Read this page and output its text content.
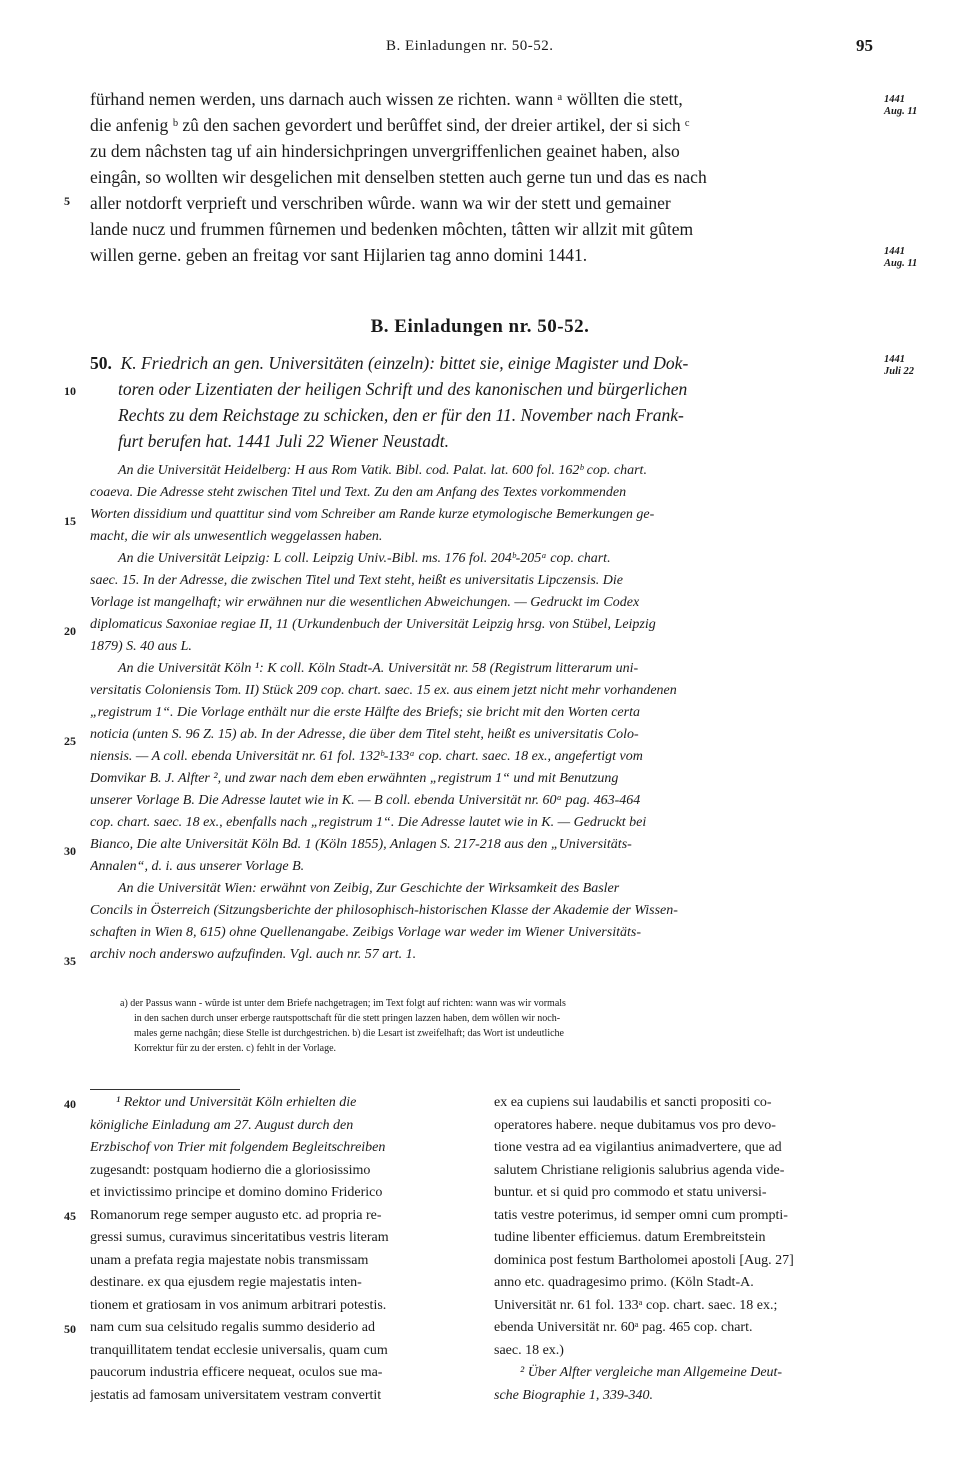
B. Einladungen nr. 50-52.	95
fürhand nemen werden, uns darnach auch wissen ze richten. wann ᵃ wöllten die stett,
die anfenig ᵇ zû den sachen gevordert und berûffet sind, der dreier artikel, der si sich ᶜ
zu dem nâchsten tag uf ain hindersichpringen unvergriffenlichen geainet haben, also
eingân, so wollten wir desgelichen mit denselben stetten auch gerne tun und das es nach
aller notdorft verprieft und verschriben wûrde. wann wa wir der stett und gemainer
lande nucz und frummen fûrnemen und bedenken môchten, tâtten wir allzit mit gûtem
willen gerne. geben an freitag vor sant Hijlarien tag anno domini 1441.
5
1441 Aug. 11
1441 Aug. 11
B. Einladungen nr. 50-52.
50. K. Friedrich an gen. Universitäten (einzeln): bittet sie, einige Magister und Dok-
toren oder Lizentiaten der heiligen Schrift und des kanonischen und bürgerlichen
Rechts zu dem Reichstage zu schicken, den er für den 11. November nach Frank-
furt berufen hat. 1441 Juli 22 Wiener Neustadt.
10
1441 Juli 22
An die Universität Heidelberg: H aus Rom Vatik. Bibl. cod. Palat. lat. 600 fol. 162ᵇ cop. chart.
coaeva. Die Adresse steht zwischen Titel und Text. Zu den am Anfang des Textes vorkommenden
Worten dissidium und quattitur sind vom Schreiber am Rande kurze etymologische Bemerkungen ge-
macht, die wir als unwesentlich weggelassen haben.
An die Universität Leipzig: L coll. Leipzig Univ.-Bibl. ms. 176 fol. 204ᵇ-205ᵃ cop. chart.
saec. 15. In der Adresse, die zwischen Titel und Text steht, heißt es universitatis Lipczensis. Die
Vorlage ist mangelhaft; wir erwähnen nur die wesentlichen Abweichungen. — Gedruckt im Codex
diplomaticus Saxoniae regiae II, 11 (Urkundenbuch der Universität Leipzig hrsg. von Stübel, Leipzig
1879) S. 40 aus L.
An die Universität Köln ¹: K coll. Köln Stadt-A. Universität nr. 58 (Registrum litterarum uni-
versitatis Coloniensis Tom. II) Stück 209 cop. chart. saec. 15 ex. aus einem jetzt nicht mehr vorhandenen
„registrum 1“. Die Vorlage enthält nur die erste Hälfte des Briefs; sie bricht mit den Worten certa
noticia (unten S. 96 Z. 15) ab. In der Adresse, die über dem Titel steht, heißt es universitatis Colo-
niensis. — A coll. ebenda Universität nr. 61 fol. 132ᵇ-133ᵃ cop. chart. saec. 18 ex., angefertigt vom
Domvikar B. J. Alfter ², und zwar nach dem eben erwähnten „registrum 1“ und mit Benutzung
unserer Vorlage B. Die Adresse lautet wie in K. — B coll. ebenda Universität nr. 60ᵃ pag. 463-464
cop. chart. saec. 18 ex., ebenfalls nach „registrum 1“. Die Adresse lautet wie in K. — Gedruckt bei
Bianco, Die alte Universität Köln Bd. 1 (Köln 1855), Anlagen S. 217-218 aus den „Universitäts-
Annalen“, d. i. aus unserer Vorlage B.
An die Universität Wien: erwähnt von Zeibig, Zur Geschichte der Wirksamkeit des Basler
Concils in Österreich (Sitzungsberichte der philosophisch-historischen Klasse der Akademie der Wissen-
schaften in Wien 8, 615) ohne Quellenangabe. Zeibigs Vorlage war weder im Wiener Universitäts-
archiv noch anderswo aufzufinden. Vgl. auch nr. 57 art. 1.
15
20
25
30
35
a) der Passus wann - wûrde ist unter dem Briefe nachgetragen; im Text folgt auf richten: wann was wir vormals
in den sachen durch unser erberge rautspottschaft fûr die stett pringen lazzen haben, dem wôllen wir noch-
males gerne nachgân; diese Stelle ist durchgestrichen. b) die Lesart ist zweifelhaft; das Wort ist undeutliche
Korrektur für zu der ersten. c) fehlt in der Vorlage.
¹ Rektor und Universität Köln erhielten die
königliche Einladung am 27. August durch den
Erzbischof von Trier mit folgendem Begleitschreiben
zugesandt: postquam hodierno die a gloriosissimo
et invictissimo principe et domino domino Friderico
Romanorum rege semper augusto etc. ad propria re-
gressi sumus, curavimus sinceritatibus vestris literam
unam a prefata regia majestate nobis transmissam
destinare. ex qua ejusdem regie majestatis inten-
tionem et gratiosam in vos animum arbitrari potestis.
nam cum sua celsitudo regalis summo desiderio ad
tranquillitatem tendat ecclesie universalis, quam cum
paucorum industria efficere nequeat, oculos sue ma-
jestatis ad famosam universitatem vestram convertit
40
45
50
ex ea cupiens sui laudabilis et sancti propositi co-
operatores habere. neque dubitamus vos pro devo-
tione vestra ad ea vigilantius animadvertere, que ad
salutem Christiane religionis salubrius agenda vide-
buntur. et si quid pro commodo et statu universi-
tatis vestre poterimus, id semper omni cum prompti-
tudine libenter efficiemus. datum Erembreitstein
dominica post festum Bartholomei apostoli [Aug. 27]
anno etc. quadragesimo primo. (Köln Stadt-A.
Universität nr. 61 fol. 133ᵃ cop. chart. saec. 18 ex.;
ebenda Universität nr. 60ᵃ pag. 465 cop. chart.
saec. 18 ex.)
² Über Alfter vergleiche man Allgemeine Deut-
sche Biographie 1, 339-340.
